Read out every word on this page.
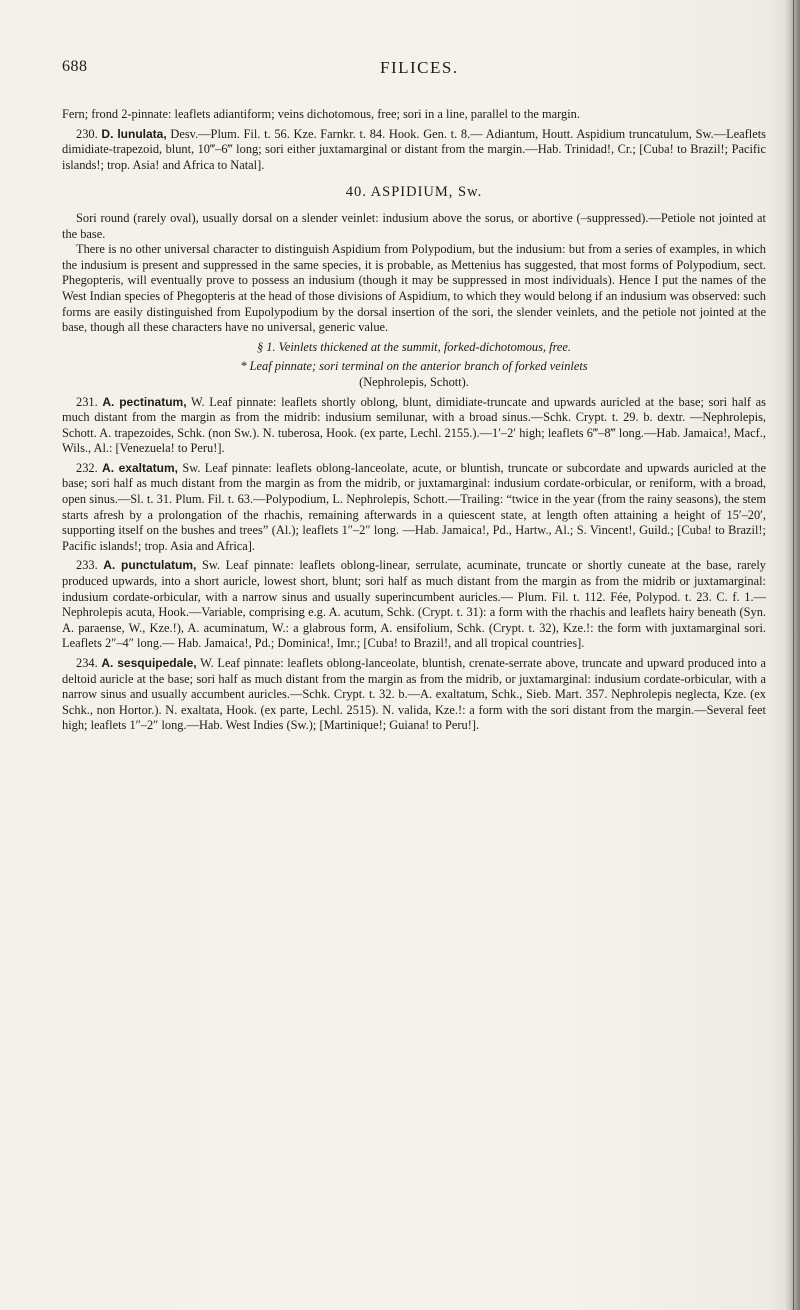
688	FILICES.

Fern; frond 2-pinnate: leaflets adiantiform; veins dichotomous, free; sori in a line, parallel to the margin.

230. D. lunulata, Desv.—Plum. Fil. t. 56. Kze. Farnkr. t. 84. Hook. Gen. t. 8.— Adiantum, Houtt. Aspidium truncatulum, Sw.—Leaflets dimidiate-trapezoid, blunt, 10‴–6‴ long; sori either juxtamarginal or distant from the margin.—Hab. Trinidad!, Cr.; [Cuba! to Brazil!; Pacific islands!; trop. Asia! and Africa to Natal].

40. ASPIDIUM, Sw.

Sori round (rarely oval), usually dorsal on a slender veinlet: indusium above the sorus, or abortive (–suppressed).—Petiole not jointed at the base.

There is no other universal character to distinguish Aspidium from Polypodium, but the indusium: but from a series of examples, in which the indusium is present and suppressed in the same species, it is probable, as Mettenius has suggested, that most forms of Polypodium, sect. Phegopteris, will eventually prove to possess an indusium (though it may be suppressed in most individuals). Hence I put the names of the West Indian species of Phegopteris at the head of those divisions of Aspidium, to which they would belong if an indusium was observed: such forms are easily distinguished from Eupolypodium by the dorsal insertion of the sori, the slender veinlets, and the petiole not jointed at the base, though all these characters have no universal, generic value.

§ 1. Veinlets thickened at the summit, forked-dichotomous, free.

* Leaf pinnate; sori terminal on the anterior branch of forked veinlets

(Nephrolepis, Schott).

231. A. pectinatum, W. Leaf pinnate: leaflets shortly oblong, blunt, dimidiate-truncate and upwards auricled at the base; sori half as much distant from the margin as from the midrib: indusium semilunar, with a broad sinus.—Schk. Crypt. t. 29. b. dextr. —Nephrolepis, Schott. A. trapezoides, Schk. (non Sw.). N. tuberosa, Hook. (ex parte, Lechl. 2155.).—1′–2′ high; leaflets 6‴–8‴ long.—Hab. Jamaica!, Macf., Wils., Al.: [Venezuela! to Peru!].

232. A. exaltatum, Sw. Leaf pinnate: leaflets oblong-lanceolate, acute, or bluntish, truncate or subcordate and upwards auricled at the base; sori half as much distant from the margin as from the midrib, or juxtamarginal: indusium cordate-orbicular, or reniform, with a broad, open sinus.—Sl. t. 31. Plum. Fil. t. 63.—Polypodium, L. Nephrolepis, Schott.—Trailing: “twice in the year (from the rainy seasons), the stem starts afresh by a prolongation of the rhachis, remaining afterwards in a quiescent state, at length often attaining a height of 15′–20′, supporting itself on the bushes and trees” (Al.); leaflets 1″–2″ long. —Hab. Jamaica!, Pd., Hartw., Al.; S. Vincent!, Guild.; [Cuba! to Brazil!; Pacific islands!; trop. Asia and Africa].

233. A. punctulatum, Sw. Leaf pinnate: leaflets oblong-linear, serrulate, acuminate, truncate or shortly cuneate at the base, rarely produced upwards, into a short auricle, lowest short, blunt; sori half as much distant from the margin as from the midrib or juxtamarginal: indusium cordate-orbicular, with a narrow sinus and usually superincumbent auricles.— Plum. Fil. t. 112. Fée, Polypod. t. 23. C. f. 1.—Nephrolepis acuta, Hook.—Variable, comprising e.g. A. acutum, Schk. (Crypt. t. 31): a form with the rhachis and leaflets hairy beneath (Syn. A. paraense, W., Kze.!), A. acuminatum, W.: a glabrous form, A. ensifolium, Schk. (Crypt. t. 32), Kze.!: the form with juxtamarginal sori. Leaflets 2″–4″ long.— Hab. Jamaica!, Pd.; Dominica!, Imr.; [Cuba! to Brazil!, and all tropical countries].

234. A. sesquipedale, W. Leaf pinnate: leaflets oblong-lanceolate, bluntish, crenate-serrate above, truncate and upward produced into a deltoid auricle at the base; sori half as much distant from the margin as from the midrib, or juxtamarginal: indusium cordate-orbicular, with a narrow sinus and usually accumbent auricles.—Schk. Crypt. t. 32. b.—A. exaltatum, Schk., Sieb. Mart. 357. Nephrolepis neglecta, Kze. (ex Schk., non Hortor.). N. exaltata, Hook. (ex parte, Lechl. 2515). N. valida, Kze.!: a form with the sori distant from the margin.—Several feet high; leaflets 1″–2″ long.—Hab. West Indies (Sw.); [Martinique!; Guiana! to Peru!].
